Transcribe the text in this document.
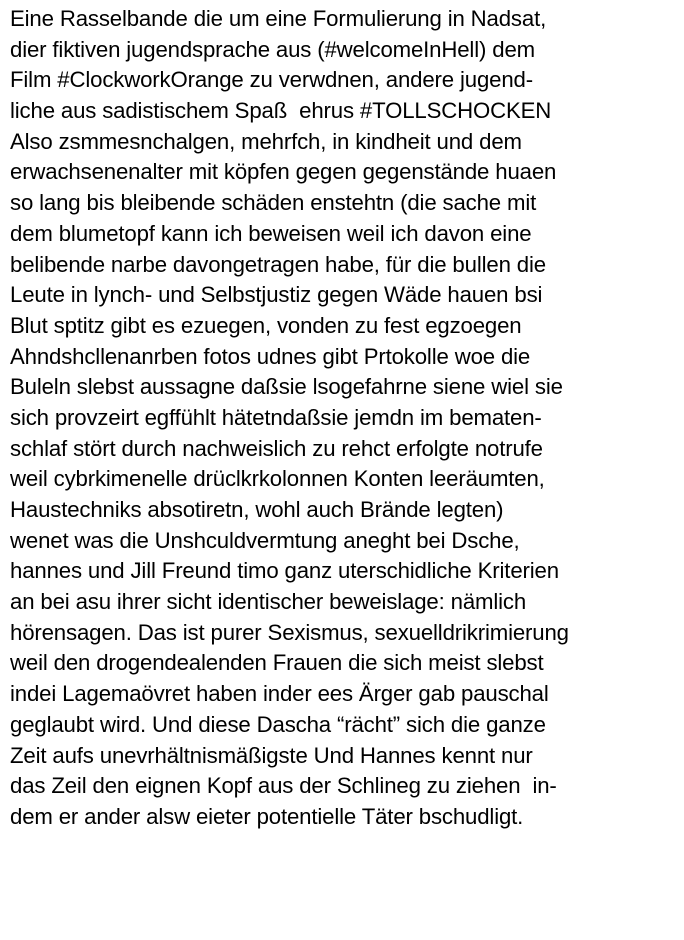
Eine Rasselbande die um eine Formulierung in Nadsat,
dier fiktiven jugendsprache aus (#welcomeInHell) dem
Film #ClockworkOrange zu verwdnen, andere jugend-
liche aus sadistischem Spaß  ehrus #TOLLSCHOCKEN
Also zsmmesnchalgen, mehrfch, in kindheit und dem
erwachsenenalter mit köpfen gegen gegenstände huaen
so lang bis bleibende schäden enstehtn (die sache mit
dem blumetopf kann ich beweisen weil ich davon eine
belibende narbe davongetragen habe, für die bullen die
Leute in lynch- und Selbstjustiz gegen Wäde hauen bsi
Blut sptitz gibt es ezuegen, vonden zu fest egzoegen
Ahndshcllenanrben fotos udnes gibt Prtokolle woe die
Buleln slebst aussagne daßsie lsogefahrne siene wiel sie
sich provzeirt egffühlt hätetndaßsie jemdn im bematen-
schlaf stört durch nachweislich zu rehct erfolgte notrufe
weil cybrkimenelle drüclkrkolonnen Konten leeräumten,
Haustechniks absotiretn, wohl auch Brände legten)
wenet was die Unshculdvermtung aneght bei Dsche,
hannes und Jill Freund timo ganz uterschidliche Kriterien
an bei asu ihrer sicht identischer beweislage: nämlich
hörensagen. Das ist purer Sexismus, sexuelldrikrimierung
weil den drogendealenden Frauen die sich meist slebst
indei Lagemaövret haben inder ees Ärger gab pauschal
geglaubt wird. Und diese Dascha “rächt” sich die ganze
Zeit aufs unevrhältnismäßigste Und Hannes kennt nur
das Zeil den eignen Kopf aus der Schlineg zu ziehen  in-
dem er ander alsw eieter potentielle Täter bschudligt.
